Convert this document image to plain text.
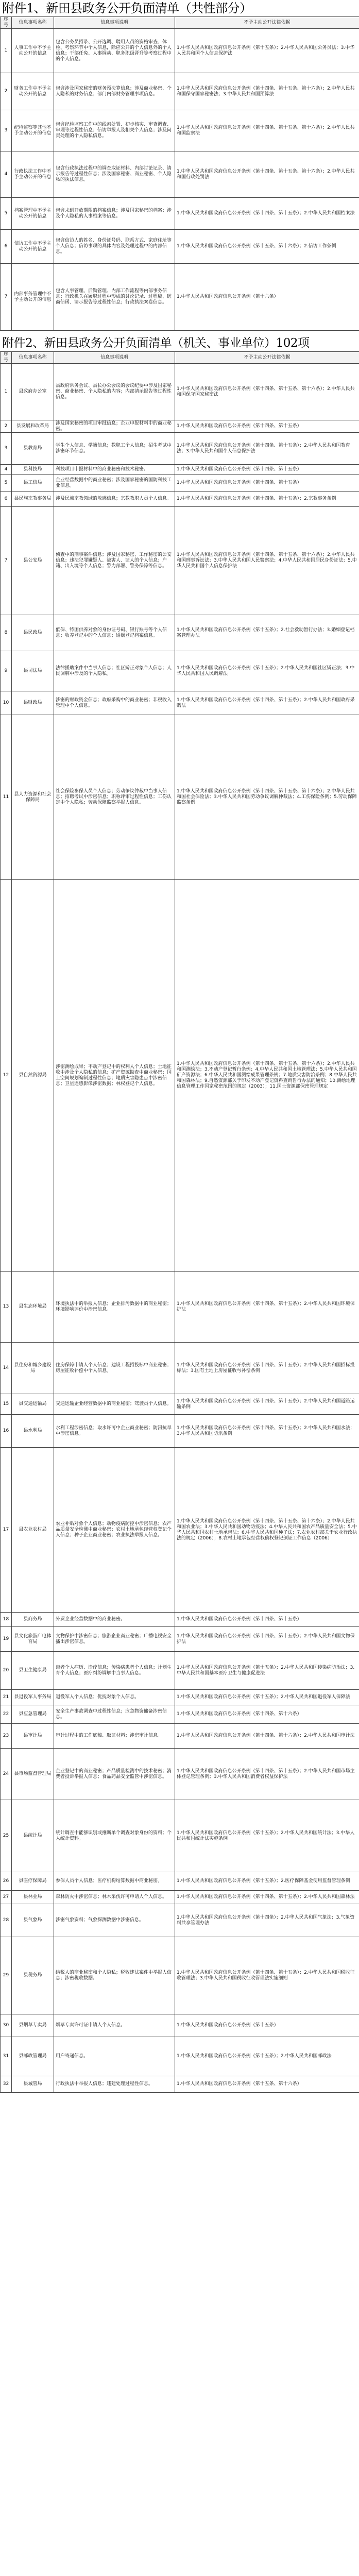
附件1、新田县政务公开负面清单（共性部分）
序号	信息事项名称	信息事项说明	不予主动公开法律依据
1	人事工作中不予主动公开的信息	包含公务员招录、公开选调、聘用人员的资格审查、体检、考察环节中个人信息，除应公开的个人信息外的个人信息；干部任免、人事调动、职务职级晋升等考察过程中的个人信息。	1.中华人民共和国政府信息公开条例（第十五条）；2.中华人民共和国公务员法；3.中华人民共和国个人信息保护法
2	财务工作中不予主动公开的信息	包含涉及国家秘密的财务预决算信息；涉及商业秘密、个人隐私的财务信息；部门内部财务管理事项信息。	1.中华人民共和国政府信息公开条例（第十四条、第十五条、第十六条）；2.中华人民共和国保守国家秘密法；3.中华人民共和国预算法
3	纪检监察等其他不予主动公开的信息	包含纪检监察工作中的线索处置、初步核实、审查调查、审理等过程性信息；信访举报人及相关个人信息；涉及问责处理的个人隐私信息。	1.中华人民共和国政府信息公开条例（第十四条、第十五条、第十六条）；2.中华人民共和国监察法
4	行政执法工作中不予主动公开的信息	包含行政执法过程中的调查取证材料、内部讨论记录、请示报告等过程性信息；涉及国家秘密、商业秘密、个人隐私的执法信息。	1.中华人民共和国政府信息公开条例（第十四条、第十五条、第十六条）；2.中华人民共和国行政处罚法
5	档案管理中不予主动公开的信息	包含未到开放期限的档案信息；涉及国家秘密的档案；涉及个人隐私的人事档案等信息。	1.中华人民共和国政府信息公开条例（第十四条、第十五条）；2.中华人民共和国档案法
6	信访工作中不予主动公开的信息	包含信访人的姓名、身份证号码、联系方式、家庭住址等个人信息；信访事项的具体内容及处理过程中的内部信息。	1.中华人民共和国政府信息公开条例（第十五条、第十六条）；2.信访工作条例
7	内部事务管理中不予主动公开的信息	包含人事管理、后勤管理、内部工作流程等内部事务信息；行政机关在履职过程中形成的讨论记录、过程稿、磋商信函、请示报告等过程性信息；行政执法案卷信息。	1.中华人民共和国政府信息公开条例（第十六条）
附件2、新田县政务公开负面清单（机关、事业单位）102项
序号	信息事项名称	信息事项说明	不予主动公开法律依据
1	县政府办公室	县政府常务会议、县长办公会议的会议纪要中涉及国家秘密、商业秘密、个人隐私的内容；内部请示报告等过程性信息。	1.中华人民共和国政府信息公开条例（第十四条、第十五条、第十六条）；2.中华人民共和国保守国家秘密法
2	县发展和改革局	涉及国家秘密的项目审批信息；企业申报材料中的商业秘密。	1.中华人民共和国政府信息公开条例（第十四条、第十五条）
3	县教育局	学生个人信息、学籍信息；教职工个人信息；招生考试中涉密环节信息。	1.中华人民共和国政府信息公开条例（第十四条、第十五条）；2.中华人民共和国教育法；3.中华人民共和国个人信息保护法
4	县科技局	科技项目申报材料中的商业秘密和技术秘密。	1.中华人民共和国政府信息公开条例（第十四条、第十五条）
5	县工信局	企业经营数据中的商业秘密；涉及国家秘密的国防科技工业信息。	1.中华人民共和国政府信息公开条例（第十四条、第十五条）
6	县民族宗教事务局	涉及民族宗教领域的敏感信息；宗教教职人员个人信息。	1.中华人民共和国政府信息公开条例（第十四条、第十五条）；2.宗教事务条例
7	县公安局	侦查中的刑事案件信息；涉及国家秘密、工作秘密的公安信息；违法犯罪嫌疑人、被害人、证人的个人信息；户籍、出入境等个人信息；警力部署、警务保障等信息。	1.中华人民共和国政府信息公开条例（第十四条、第十五条、第十六条）；2.中华人民共和国刑事诉讼法；3.中华人民共和国人民警察法；4.中华人民共和国居民身份证法；5.中华人民共和国个人信息保护法
8	县民政局	低保、特困供养对象的身份证号码、银行账号等个人信息；收养登记中的个人信息；婚姻登记档案信息。	1.中华人民共和国政府信息公开条例（第十五条）；2.社会救助暂行办法；3.婚姻登记档案管理办法
9	县司法局	法律援助案件中当事人信息；社区矫正对象个人信息；人民调解中涉及的个人隐私。	1.中华人民共和国政府信息公开条例（第十五条）；2.中华人民共和国社区矫正法；3.中华人民共和国人民调解法
10	县财政局	涉密的财政资金信息；政府采购中的商业秘密；非税收入管理中个人信息。	1.中华人民共和国政府信息公开条例（第十四条、第十五条）；2.中华人民共和国政府采购法
11	县人力资源和社会保障局	社会保险参保人员个人信息；劳动争议仲裁中当事人信息；招聘考试中涉密信息；职称评审过程性信息；工伤认定中个人隐私；劳动保障监察举报人信息。	1.中华人民共和国政府信息公开条例（第十四条、第十五条、第十六条）；2.中华人民共和国社会保险法；3.中华人民共和国劳动争议调解仲裁法；4.工伤保险条例；5.劳动保障监察条例
12	县自然资源局	涉密测绘成果；不动产登记中的权利人个人信息；土地征收中涉及个人隐私的信息；矿产资源勘查中商业秘密；国土空间规划编制过程性信息；地质灾害隐患点中涉密信息；卫星遥感影像涉密数据；林权登记个人信息。	1.中华人民共和国政府信息公开条例（第十四条、第十五条、第十六条）；2.中华人民共和国测绘法；3.不动产登记暂行条例；4.中华人民共和国土地管理法；5.中华人民共和国矿产资源法；6.中华人民共和国测绘成果管理条例；7.地质灾害防治条例；8.中华人民共和国森林法；9.自然资源部关于印发不动产登记资料查询暂行办法的通知；10.测绘地理信息管理工作国家秘密范围的规定（2003）；11.国土资源部保密管理规定
13	县生态环境局	环境执法中的举报人信息；企业排污数据中的商业秘密；环境影响评价中涉密信息。	1.中华人民共和国政府信息公开条例（第十四条、第十五条）；2.中华人民共和国环境保护法
14	县住房和城乡建设局	住房保障申请人个人信息；建设工程招投标中商业秘密；房屋征收补偿中个人信息。	1.中华人民共和国政府信息公开条例（第十四条、第十五条）；2.中华人民共和国招标投标法；3.国有土地上房屋征收与补偿条例
15	县交通运输局	交通运输企业经营数据中的商业秘密；驾驶员个人信息。	1.中华人民共和国政府信息公开条例（第十四条、第十五条）；2.中华人民共和国道路运输条例
16	县水利局	水利工程涉密信息；取水许可中企业商业秘密；防汛抗旱中涉密信息。	1.中华人民共和国政府信息公开条例（第十四条、第十五条）；2.中华人民共和国水法；3.中华人民共和国防汛条例
17	县农业农村局	农业补贴对象个人信息；动物疫病防控中涉密信息；农产品质量安全检测中商业秘密；农村土地承包经营权登记个人信息；种子企业商业秘密；农业执法举报人信息。	1.中华人民共和国政府信息公开条例（第十四条、第十五条、第十六条）；2.中华人民共和国农业法；3.中华人民共和国动物防疫法；4.中华人民共和国农产品质量安全法；5.中华人民共和国农村土地承包法；6.中华人民共和国种子法；7.农业农村部关于农业行政执法的规定（2006）；8.农村土地承包经营权确权登记颁证工作信息（2006）
18	县商务局	外贸企业经营数据中的商业秘密。	1.中华人民共和国政府信息公开条例（第十四条、第十五条）
19	县文化旅游广电体育局	文物保护中涉密信息；旅游企业商业秘密；广播电视安全播出涉密信息。	1.中华人民共和国政府信息公开条例（第十四条、第十五条）；2.中华人民共和国文物保护法
20	县卫生健康局	患者个人病历、诊疗信息；传染病患者个人信息；计划生育个人信息；医疗纠纷调解中当事人信息。	1.中华人民共和国政府信息公开条例（第十五条）；2.中华人民共和国传染病防治法；3.中华人民共和国基本医疗卫生与健康促进法
21	县退役军人事务局	退役军人个人信息；优抚对象个人信息。	1.中华人民共和国政府信息公开条例（第十五条）；2.中华人民共和国退役军人保障法
22	县应急管理局	安全生产事故调查中过程性信息；应急物资储备涉密信息。	1.中华人民共和国政府信息公开条例（第十四条、第十六条）
23	县审计局	审计过程中的工作底稿、取证材料；涉密审计信息。	1.中华人民共和国政府信息公开条例（第十四条、第十六条）；2.中华人民共和国审计法
24	县市场监督管理局	企业登记中的商业秘密；产品质量检测中的技术秘密；消费者投诉举报人信息；食品药品安全监管中涉密信息。	1.中华人民共和国政府信息公开条例（第十四条、第十五条）；2.中华人民共和国市场主体登记管理条例；3.中华人民共和国消费者权益保护法
25	县统计局	统计调查中能够识别或推断单个调查对象身份的资料；个人统计资料。	1.中华人民共和国政府信息公开条例（第十五条）；2.中华人民共和国统计法；3.中华人民共和国统计法实施条例
26	县医疗保障局	参保人员个人信息；医疗机构结算数据中商业秘密。	1.中华人民共和国政府信息公开条例（第十五条）；2.医疗保障基金使用监督管理条例
27	县林业局	森林防火中涉密信息；林木采伐许可申请人个人信息。	1.中华人民共和国政府信息公开条例（第十四条、第十五条）；2.中华人民共和国森林法
28	县气象局	涉密气象资料；气象探测数据中涉密信息。	1.中华人民共和国政府信息公开条例（第十四条）；2.中华人民共和国气象法；3.气象资料共享管理办法
29	县税务局	纳税人的商业秘密和个人隐私；税收违法案件中举报人信息；涉密税收数据。	1.中华人民共和国政府信息公开条例（第十四条、第十五条）；2.中华人民共和国税收征收管理法；3.中华人民共和国税收征收管理法实施细则
30	县烟草专卖局	烟草专卖许可证申请人个人信息。	1.中华人民共和国政府信息公开条例（第十五条）
31	县邮政管理局	用户寄递信息。	1.中华人民共和国政府信息公开条例（第十五条）；2.中华人民共和国邮政法
32	县城管局	行政执法中举报人信息；违建处理过程性信息。	1.中华人民共和国政府信息公开条例（第十五条、第十六条）
